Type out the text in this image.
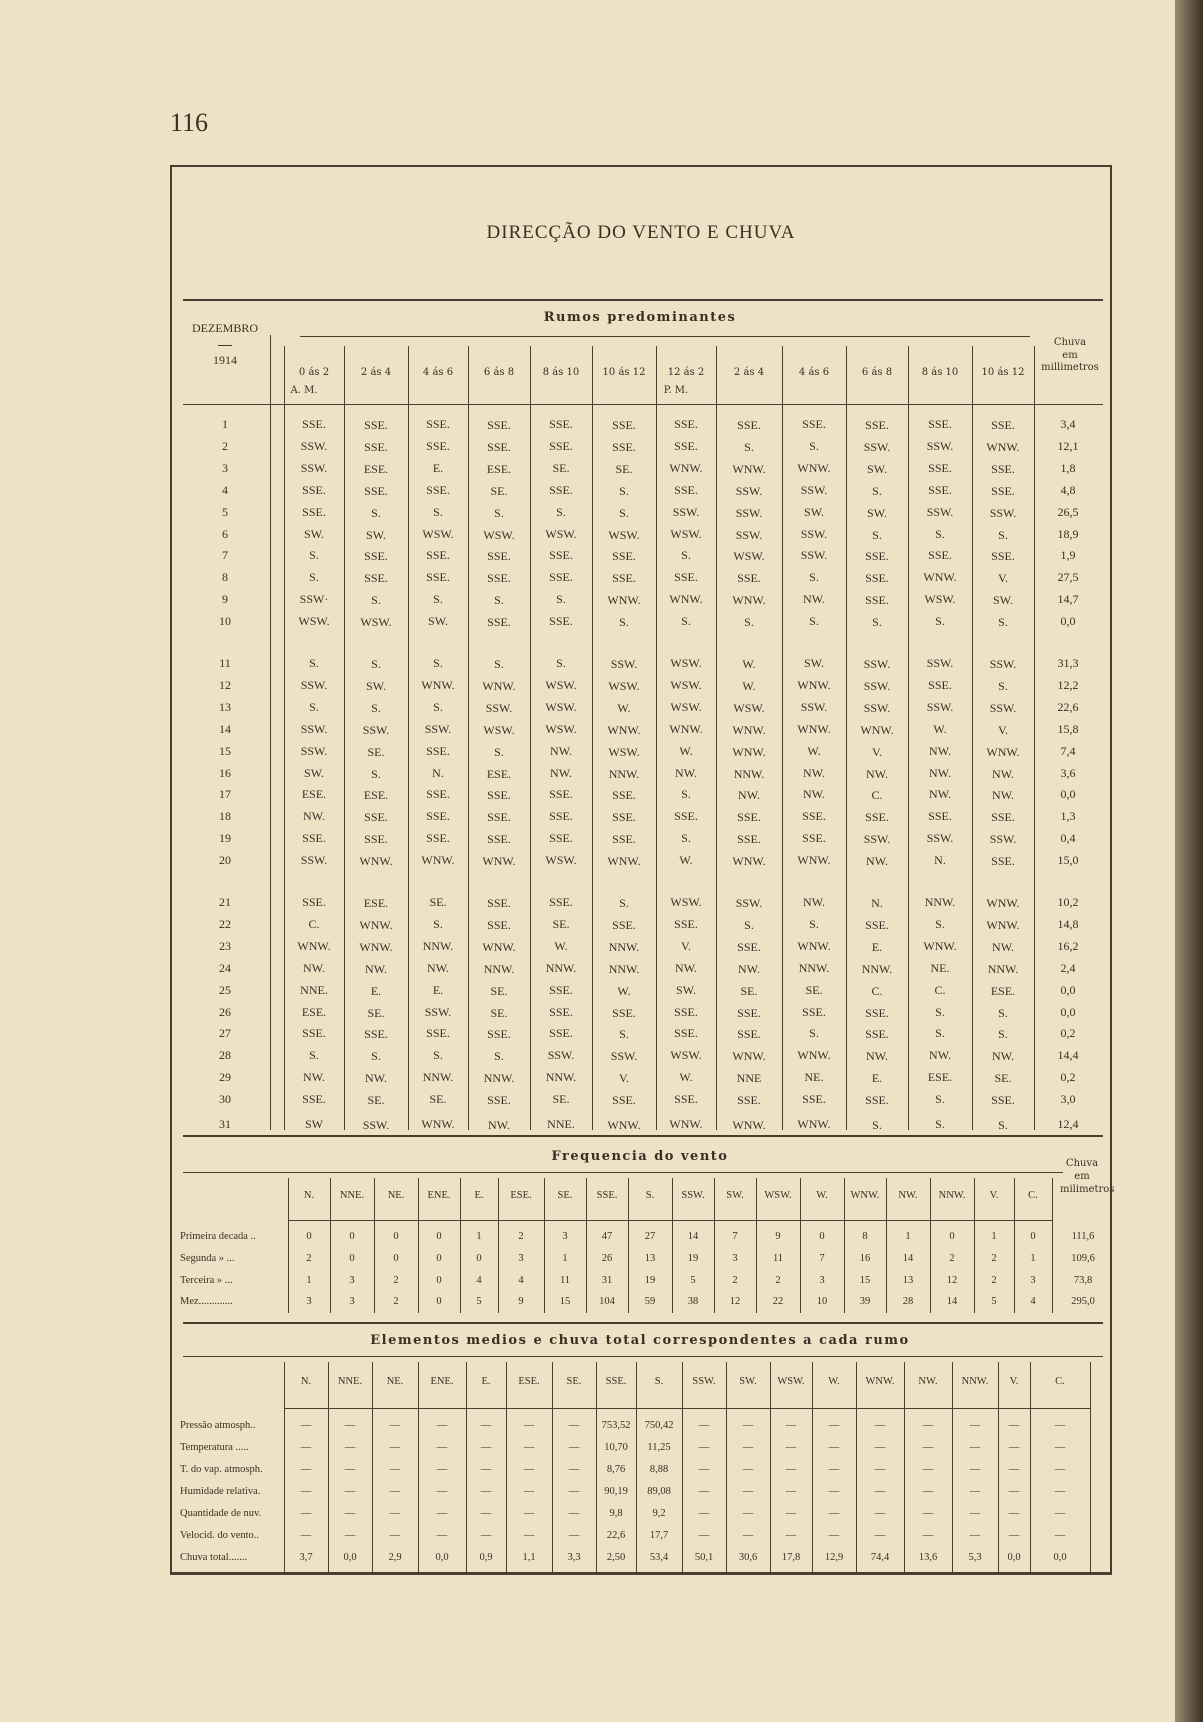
116
DIRECÇÃO DO VENTO E CHUVA
DEZEMBRO
1914
Rumos predominantes
Chuva
em
millimetros
0 ás 2	2 ás 4	4 ás 6	6 ás 8	8 ás 10	10 ás 12	12 ás 2	2 ás 4	4 ás 6	6 ás 8	8 ás 10	10 ás 12
A. M.	P. M.
1	SSE.	SSE.	SSE.	SSE.	SSE.	SSE.	SSE.	SSE.	SSE.	SSE.	SSE.	SSE.	3,4
2	SSW.	SSE.	SSE.	SSE.	SSE.	SSE.	SSE.	S.	S.	SSW.	SSW.	WNW.	12,1
3	SSW.	ESE.	E.	ESE.	SE.	SE.	WNW.	WNW.	WNW.	SW.	SSE.	SSE.	1,8
4	SSE.	SSE.	SSE.	SE.	SSE.	S.	SSE.	SSW.	SSW.	S.	SSE.	SSE.	4,8
5	SSE.	S.	S.	S.	S.	S.	SSW.	SSW.	SW.	SW.	SSW.	SSW.	26,5
6	SW.	SW.	WSW.	WSW.	WSW.	WSW.	WSW.	SSW.	SSW.	S.	S.	S.	18,9
7	S.	SSE.	SSE.	SSE.	SSE.	SSE.	S.	WSW.	SSW.	SSE.	SSE.	SSE.	1,9
8	S.	SSE.	SSE.	SSE.	SSE.	SSE.	SSE.	SSE.	S.	SSE.	WNW.	V.	27,5
9	SSW·	S.	S.	S.	S.	WNW.	WNW.	WNW.	NW.	SSE.	WSW.	SW.	14,7
10	WSW.	WSW.	SW.	SSE.	SSE.	S.	S.	S.	S.	S.	S.	S.	0,0
11	S.	S.	S.	S.	S.	SSW.	WSW.	W.	SW.	SSW.	SSW.	SSW.	31,3
12	SSW.	SW.	WNW.	WNW.	WSW.	WSW.	WSW.	W.	WNW.	SSW.	SSE.	S.	12,2
13	S.	S.	S.	SSW.	WSW.	W.	WSW.	WSW.	SSW.	SSW.	SSW.	SSW.	22,6
14	SSW.	SSW.	SSW.	WSW.	WSW.	WNW.	WNW.	WNW.	WNW.	WNW.	W.	V.	15,8
15	SSW.	SE.	SSE.	S.	NW.	WSW.	W.	WNW.	W.	V.	NW.	WNW.	7,4
16	SW.	S.	N.	ESE.	NW.	NNW.	NW.	NNW.	NW.	NW.	NW.	NW.	3,6
17	ESE.	ESE.	SSE.	SSE.	SSE.	SSE.	S.	NW.	NW.	C.	NW.	NW.	0,0
18	NW.	SSE.	SSE.	SSE.	SSE.	SSE.	SSE.	SSE.	SSE.	SSE.	SSE.	SSE.	1,3
19	SSE.	SSE.	SSE.	SSE.	SSE.	SSE.	S.	SSE.	SSE.	SSW.	SSW.	SSW.	0,4
20	SSW.	WNW.	WNW.	WNW.	WSW.	WNW.	W.	WNW.	WNW.	NW.	N.	SSE.	15,0
21	SSE.	ESE.	SE.	SSE.	SSE.	S.	WSW.	SSW.	NW.	N.	NNW.	WNW.	10,2
22	C.	WNW.	S.	SSE.	SE.	SSE.	SSE.	S.	S.	SSE.	S.	WNW.	14,8
23	WNW.	WNW.	NNW.	WNW.	W.	NNW.	V.	SSE.	WNW.	E.	WNW.	NW.	16,2
24	NW.	NW.	NW.	NNW.	NNW.	NNW.	NW.	NW.	NNW.	NNW.	NE.	NNW.	2,4
25	NNE.	E.	E.	SE.	SSE.	W.	SW.	SE.	SE.	C.	C.	ESE.	0,0
26	ESE.	SE.	SSW.	SE.	SSE.	SSE.	SSE.	SSE.	SSE.	SSE.	S.	S.	0,0
27	SSE.	SSE.	SSE.	SSE.	SSE.	S.	SSE.	SSE.	S.	SSE.	S.	S.	0,2
28	S.	S.	S.	S.	SSW.	SSW.	WSW.	WNW.	WNW.	NW.	NW.	NW.	14,4
29	NW.	NW.	NNW.	NNW.	NNW.	V.	W.	NNE	NE.	E.	ESE.	SE.	0,2
30	SSE.	SE.	SE.	SSE.	SE.	SSE.	SSE.	SSE.	SSE.	SSE.	S.	SSE.	3,0
31	SW	SSW.	WNW.	NW.	NNE.	WNW.	WNW.	WNW.	WNW.	S.	S.	S.	12,4
Frequencia do vento	Chuva
em
milimetros
N.	NNE.	NE.	ENE.	E.	ESE.	SE.	SSE.	S.	SSW.	SW.	WSW.	W.	WNW.	NW.	NNW.	V.	C.
Primeira decada ..	0	0	0	0	1	2	3	47	27	14	7	9	0	8	1	0	1	0	111,6
Segunda » ...	2	0	0	0	0	3	1	26	13	19	3	11	7	16	14	2	2	1	109,6
Terceira » ...	1	3	2	0	4	4	11	31	19	5	2	2	3	15	13	12	2	3	73,8
Mez.............	3	3	2	0	5	9	15	104	59	38	12	22	10	39	28	14	5	4	295,0
Elementos medios e chuva total correspondentes a cada rumo
N.	NNE.	NE.	ENE.	E.	ESE.	SE.	SSE.	S.	SSW.	SW.	WSW.	W.	WNW.	NW.	NNW.	V.	C.
Pressão atmosph..	—	—	—	—	—	—	—	753,52	750,42	—	—	—	—	—	—	—	—	—
Temperatura .....	—	—	—	—	—	—	—	10,70	11,25	—	—	—	—	—	—	—	—	—
T. do vap. atmosph.	—	—	—	—	—	—	—	8,76	8,88	—	—	—	—	—	—	—	—	—
Humidade relativa.	—	—	—	—	—	—	—	90,19	89,08	—	—	—	—	—	—	—	—	—
Quantidade de nuv.	—	—	—	—	—	—	—	9,8	9,2	—	—	—	—	—	—	—	—	—
Velocid. do vento..	—	—	—	—	—	—	—	22,6	17,7	—	—	—	—	—	—	—	—	—
Chuva total.......	3,7	0,0	2,9	0,0	0,9	1,1	3,3	2,50	53,4	50,1	30,6	17,8	12,9	74,4	13,6	5,3	0,0	0,0
